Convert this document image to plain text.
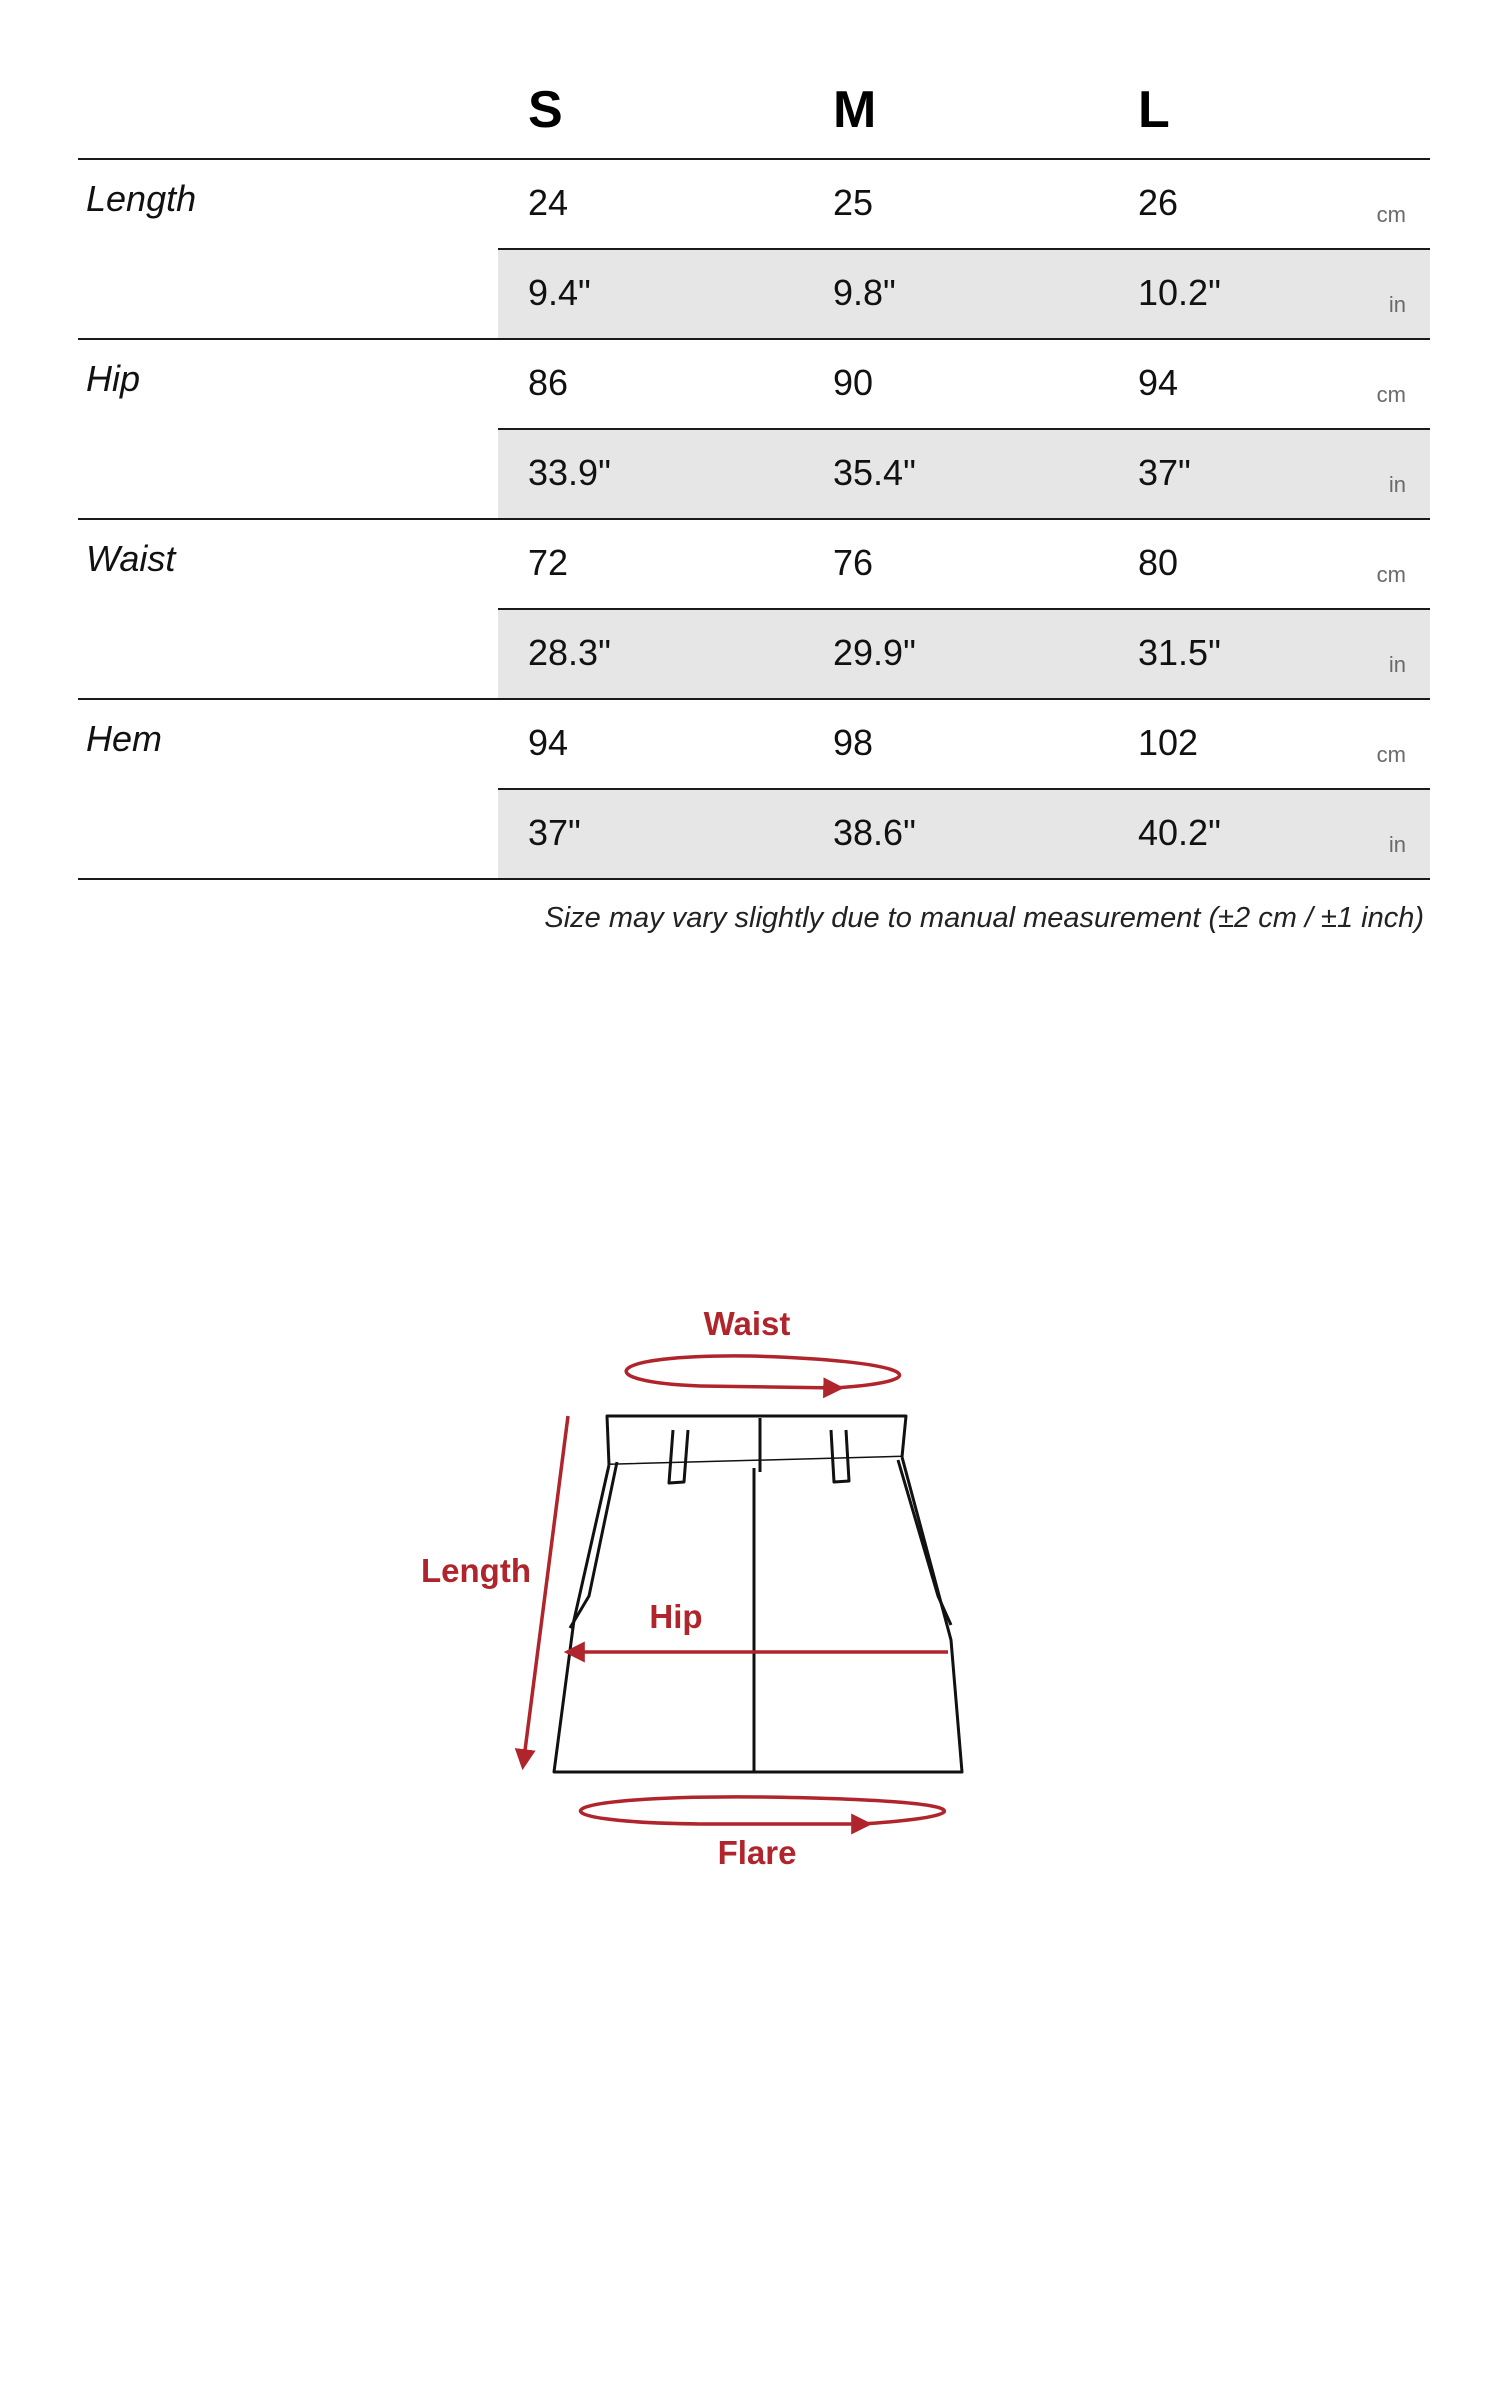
S	M	L
Length	24	25	26	cm
9.4"	9.8"	10.2"	in
Hip	86	90	94	cm
33.9"	35.4"	37"	in
Waist	72	76	80	cm
28.3"	29.9"	31.5"	in
Hem	94	98	102	cm
37"	38.6"	40.2"	in
Size may vary slightly due to manual measurement (±2 cm / ±1 inch)
Waist
Length
Hip
Flare
